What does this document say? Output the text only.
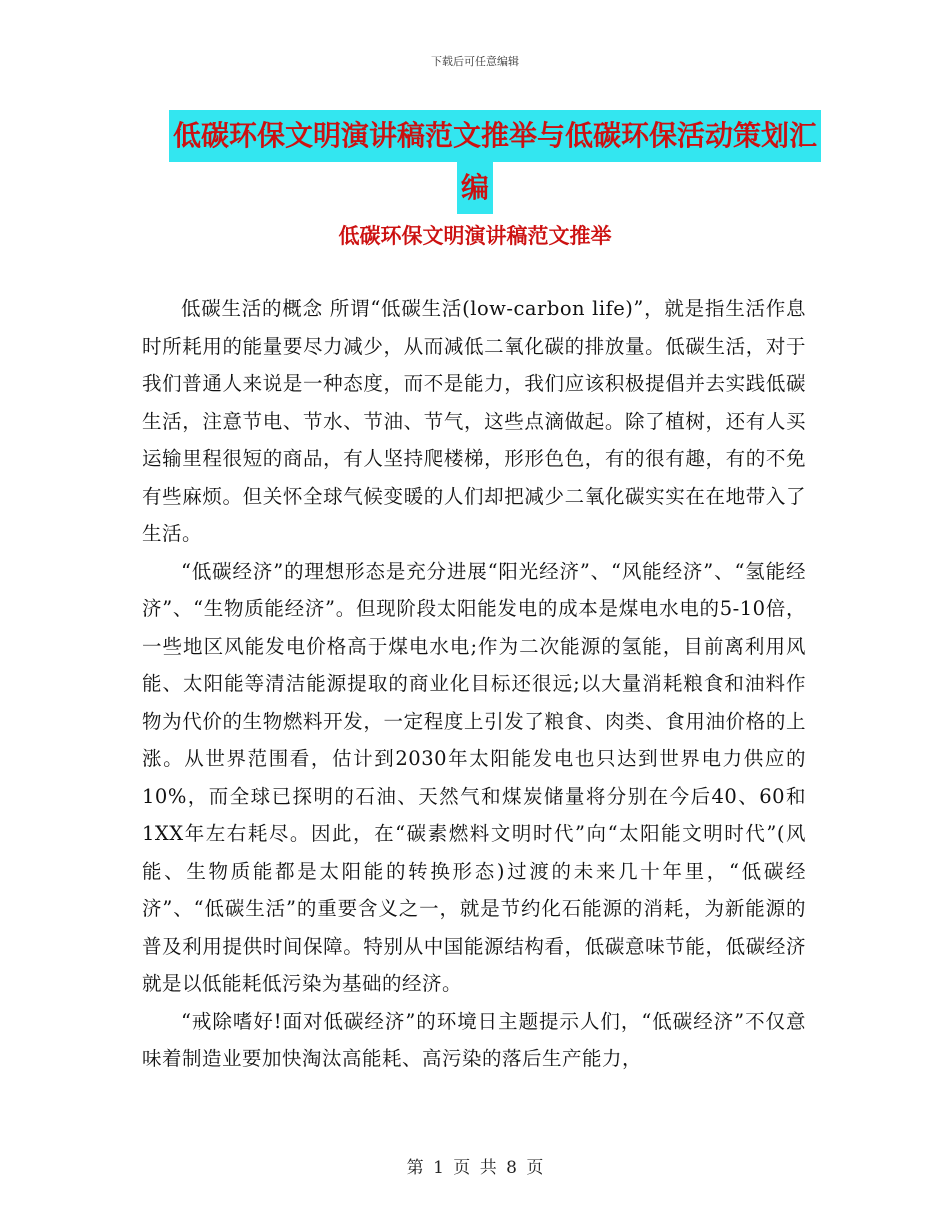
下载后可任意编辑
低碳环保文明演讲稿范文推举与低碳环保活动策划汇
编
低碳环保文明演讲稿范文推举

低碳生活的概念 所谓“低碳生活(low-carbon life)”，就是指生活作息时所耗用的能量要尽力减少，从而减低二氧化碳的排放量。低碳生活，对于我们普通人来说是一种态度，而不是能力，我们应该积极提倡并去实践低碳生活，注意节电、节水、节油、节气，这些点滴做起。除了植树，还有人买运输里程很短的商品，有人坚持爬楼梯，形形色色，有的很有趣，有的不免有些麻烦。但关怀全球气候变暖的人们却把减少二氧化碳实实在在地带入了生活。

“低碳经济”的理想形态是充分进展“阳光经济”、“风能经济”、“氢能经济”、“生物质能经济”。但现阶段太阳能发电的成本是煤电水电的5-10倍，一些地区风能发电价格高于煤电水电;作为二次能源的氢能，目前离利用风能、太阳能等清洁能源提取的商业化目标还很远;以大量消耗粮食和油料作物为代价的生物燃料开发，一定程度上引发了粮食、肉类、食用油价格的上涨。从世界范围看，估计到2030年太阳能发电也只达到世界电力供应的10%，而全球已探明的石油、天然气和煤炭储量将分别在今后40、60和1XX年左右耗尽。因此，在“碳素燃料文明时代”向“太阳能文明时代”(风能、生物质能都是太阳能的转换形态)过渡的未来几十年里，“低碳经济”、“低碳生活”的重要含义之一，就是节约化石能源的消耗，为新能源的普及利用提供时间保障。特别从中国能源结构看，低碳意味节能，低碳经济就是以低能耗低污染为基础的经济。

“戒除嗜好!面对低碳经济”的环境日主题提示人们，“低碳经济”不仅意味着制造业要加快淘汰高能耗、高污染的落后生产能力，

第 1 页 共 8 页
